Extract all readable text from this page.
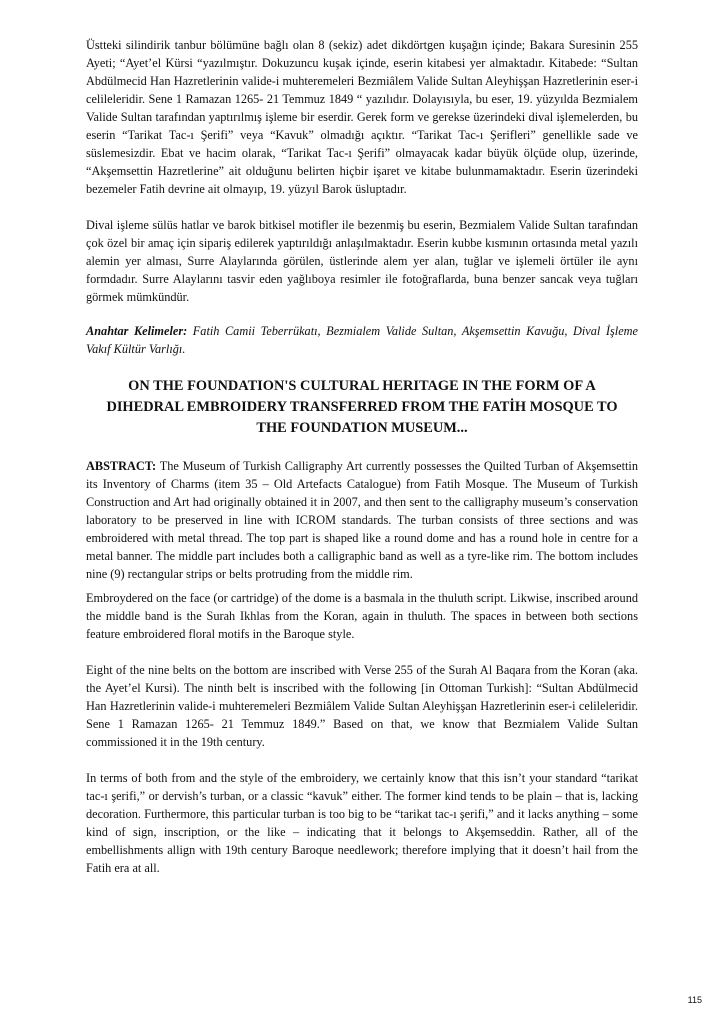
Üstteki silindirik tanbur bölümüne bağlı olan 8 (sekiz) adet dikdörtgen kuşağın içinde; Bakara Suresinin 255 Ayeti; “Ayet’el Kürsi “yazılmıştır. Dokuzuncu kuşak içinde, eserin kitabesi yer almaktadır. Kitabede: “Sultan Abdülmecid Han Hazretlerinin valide-i muhteremeleri Bezmiâlem Valide Sultan Aleyhişşan Hazretlerinin eser-i celileleridir. Sene 1 Ramazan 1265- 21 Temmuz 1849 “ yazılıdır. Dolayısıyla, bu eser, 19. yüzyılda Bezmialem Valide Sultan tarafından yaptırılmış işleme bir eserdir. Gerek form ve gerekse üzerindeki dival işlemelerden, bu eserin “Tarikat Tac-ı Şerifi” veya “Kavuk” olmadığı açıktır. “Tarikat Tac-ı Şerifleri” genellikle sade ve süslemesizdir. Ebat ve hacim olarak, “Tarikat Tac-ı Şerifi” olmayacak kadar büyük ölçüde olup, üzerinde, “Akşemsettin Hazretlerine” ait olduğunu belirten hiçbir işaret ve kitabe bulunmamaktadır. Eserin üzerindeki bezemeler Fatih devrine ait olmayıp, 19. yüzyıl Barok üsluptadır.

Dival işleme sülüs hatlar ve barok bitkisel motifler ile bezenmiş bu eserin, Bezmialem Valide Sultan tarafından çok özel bir amaç için sipariş edilerek yaptırıldığı anlaşılmaktadır. Eserin kubbe kısmının ortasında metal yazılı alemin yer alması, Surre Alaylarında görülen, üstlerinde alem yer alan, tuğlar ve işlemeli örtüler ile aynı formdadır. Surre Alaylarını tasvir eden yağlıboya resimler ile fotoğraflarda, buna benzer sancak veya tuğları görmek mümkündür.

Anahtar Kelimeler: Fatih Camii Teberrükatı, Bezmialem Valide Sultan, Akşemsettin Kavuğu, Dival İşleme Vakıf Kültür Varlığı.

ON THE FOUNDATION'S CULTURAL HERITAGE IN THE FORM OF A
DIHEDRAL EMBROIDERY TRANSFERRED FROM THE FATİH MOSQUE TO
THE FOUNDATION MUSEUM...

ABSTRACT: The Museum of Turkish Calligraphy Art currently possesses the Quilted Turban of Akşemsettin its Inventory of Charms (item 35 – Old Artefacts Catalogue) from Fatih Mosque. The Museum of Turkish Construction and Art had originally obtained it in 2007, and then sent to the calligraphy museum’s conservation laboratory to be preserved in line with ICROM standards. The turban consists of three sections and was embroidered with metal thread. The top part is shaped like a round dome and has a round hole in centre for a metal banner. The middle part includes both a calligraphic band as well as a tyre-like rim. The bottom includes nine (9) rectangular strips or belts protruding from the middle rim.

Embroydered on the face (or cartridge) of the dome is a basmala in the thuluth script. Likwise, inscribed around the middle band is the Surah Ikhlas from the Koran, again in thuluth. The spaces in between both sections feature embroidered floral motifs in the Baroque style.

Eight of the nine belts on the bottom are inscribed with Verse 255 of the Surah Al Baqara from the Koran (aka. the Ayet’el Kursi). The ninth belt is inscribed with the following [in Ottoman Turkish]: “Sultan Abdülmecid Han Hazretlerinin valide-i muhteremeleri Bezmiâlem Valide Sultan Aleyhişşan Hazretlerinin eser-i celileleridir. Sene 1 Ramazan 1265- 21 Temmuz 1849.” Based on that, we know that Bezmialem Valide Sultan commissioned it in the 19th century.

In terms of both from and the style of the embroidery, we certainly know that this isn’t your standard “tarikat tac-ı şerifi,” or dervish’s turban, or a classic “kavuk” either. The former kind tends to be plain – that is, lacking decoration. Furthermore, this particular turban is too big to be “tarikat tac-ı şerifi,” and it lacks anything – some kind of sign, inscription, or the like – indicating that it belongs to Akşemseddin. Rather, all of the embellishments allign with 19th century Baroque needlework; therefore implying that it doesn’t hail from the Fatih era at all.

115
